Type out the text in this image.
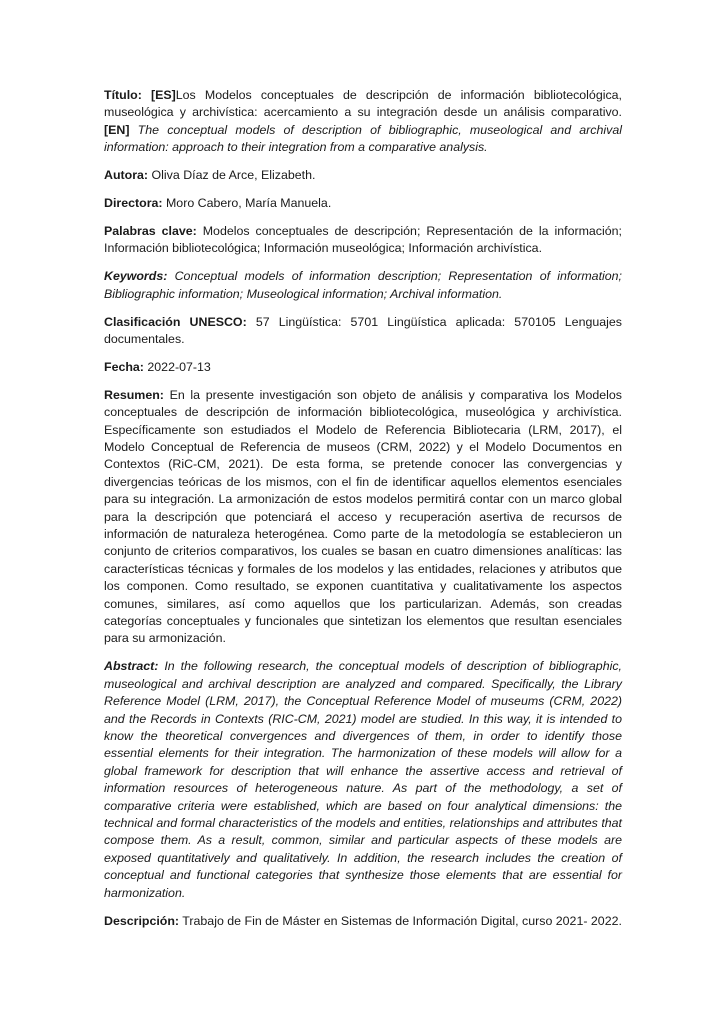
Título: [ES]Los Modelos conceptuales de descripción de información bibliotecológica, museológica y archivística: acercamiento a su integración desde un análisis comparativo. [EN] The conceptual models of description of bibliographic, museological and archival information: approach to their integration from a comparative analysis.

Autora: Oliva Díaz de Arce, Elizabeth.

Directora: Moro Cabero, María Manuela.

Palabras clave: Modelos conceptuales de descripción; Representación de la información; Información bibliotecológica; Información museológica; Información archivística.

Keywords: Conceptual models of information description; Representation of information; Bibliographic information; Museological information; Archival information.

Clasificación UNESCO: 57 Lingüística: 5701 Lingüística aplicada: 570105 Lenguajes documentales.

Fecha: 2022-07-13

Resumen: En la presente investigación son objeto de análisis y comparativa los Modelos conceptuales de descripción de información bibliotecológica, museológica y archivística. Específicamente son estudiados el Modelo de Referencia Bibliotecaria (LRM, 2017), el Modelo Conceptual de Referencia de museos (CRM, 2022) y el Modelo Documentos en Contextos (RiC-CM, 2021). De esta forma, se pretende conocer las convergencias y divergencias teóricas de los mismos, con el fin de identificar aquellos elementos esenciales para su integración. La armonización de estos modelos permitirá contar con un marco global para la descripción que potenciará el acceso y recuperación asertiva de recursos de información de naturaleza heterogénea. Como parte de la metodología se establecieron un conjunto de criterios comparativos, los cuales se basan en cuatro dimensiones analíticas: las características técnicas y formales de los modelos y las entidades, relaciones y atributos que los componen. Como resultado, se exponen cuantitativa y cualitativamente los aspectos comunes, similares, así como aquellos que los particularizan. Además, son creadas categorías conceptuales y funcionales que sintetizan los elementos que resultan esenciales para su armonización.

Abstract: In the following research, the conceptual models of description of bibliographic, museological and archival description are analyzed and compared. Specifically, the Library Reference Model (LRM, 2017), the Conceptual Reference Model of museums (CRM, 2022) and the Records in Contexts (RIC-CM, 2021) model are studied. In this way, it is intended to know the theoretical convergences and divergences of them, in order to identify those essential elements for their integration. The harmonization of these models will allow for a global framework for description that will enhance the assertive access and retrieval of information resources of heterogeneous nature. As part of the methodology, a set of comparative criteria were established, which are based on four analytical dimensions: the technical and formal characteristics of the models and entities, relationships and attributes that compose them. As a result, common, similar and particular aspects of these models are exposed quantitatively and qualitatively. In addition, the research includes the creation of conceptual and functional categories that synthesize those elements that are essential for harmonization.

Descripción: Trabajo de Fin de Máster en Sistemas de Información Digital, curso 2021- 2022.
